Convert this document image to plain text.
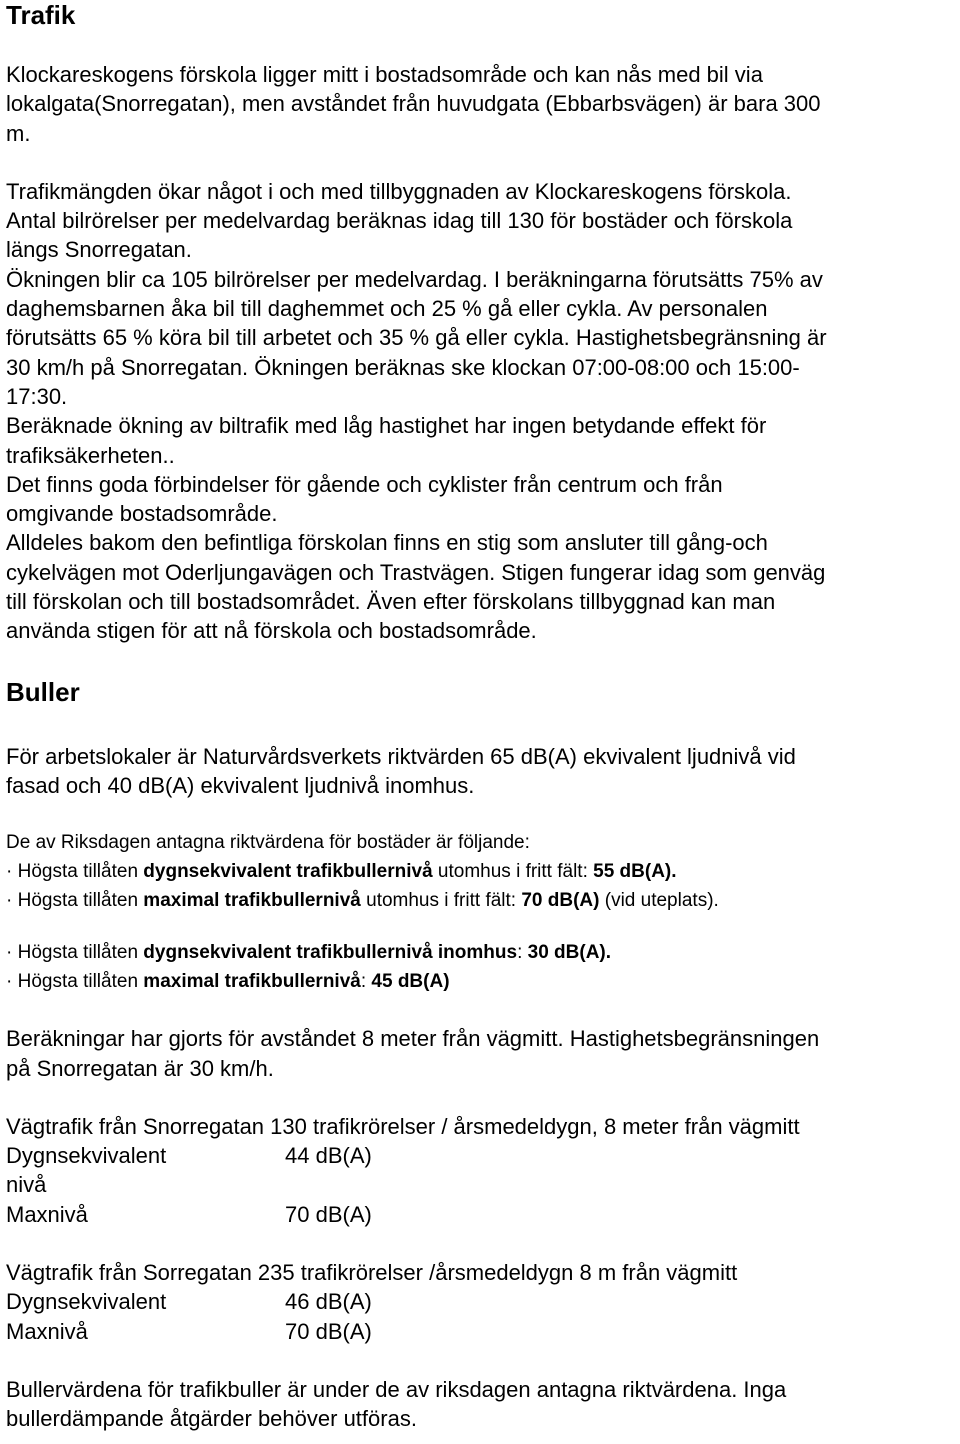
Trafik
Klockareskogens förskola ligger mitt i bostadsområde och kan nås med bil via
lokalgata(Snorregatan), men avståndet från huvudgata (Ebbarbsvägen) är bara 300
m.
Trafikmängden ökar något i och med tillbyggnaden av Klockareskogens förskola.
Antal bilrörelser per medelvardag beräknas idag till 130 för bostäder och förskola
längs Snorregatan.
Ökningen blir ca 105 bilrörelser per medelvardag. I beräkningarna förutsätts 75% av
daghemsbarnen åka bil till daghemmet och 25 % gå eller cykla. Av personalen
förutsätts 65 % köra bil till arbetet och 35 % gå eller cykla. Hastighetsbegränsning är
30 km/h på Snorregatan. Ökningen beräknas ske klockan 07:00-08:00 och 15:00-
17:30.
Beräknade ökning av biltrafik med låg hastighet har ingen betydande effekt för
trafiksäkerheten..
Det finns goda förbindelser för gående och cyklister från centrum och från
omgivande bostadsområde.
Alldeles bakom den befintliga förskolan finns en stig som ansluter till gång-och
cykelvägen mot Oderljungavägen och Trastvägen. Stigen fungerar idag som genväg
till förskolan och till bostadsområdet. Även efter förskolans tillbyggnad kan man
använda stigen för att nå förskola och bostadsområde.
Buller
För arbetslokaler är Naturvårdsverkets riktvärden 65 dB(A) ekvivalent ljudnivå vid
fasad och 40 dB(A) ekvivalent ljudnivå inomhus.
De av Riksdagen antagna riktvärdena för bostäder är följande:
· Högsta tillåten dygnsekvivalent trafikbullernivå utomhus i fritt fält: 55 dB(A).
· Högsta tillåten maximal trafikbullernivå utomhus i fritt fält: 70 dB(A) (vid uteplats).
· Högsta tillåten dygnsekvivalent trafikbullernivå inomhus: 30 dB(A).
· Högsta tillåten maximal trafikbullernivå: 45 dB(A)
Beräkningar har gjorts för avståndet 8 meter från vägmitt. Hastighetsbegränsningen
på Snorregatan är 30 km/h.
Vägtrafik från Snorregatan 130 trafikrörelser / årsmedeldygn, 8 meter från vägmitt
Dygnsekvivalent	44 dB(A)
nivå
Maxnivå	70 dB(A)
Vägtrafik från Sorregatan 235 trafikrörelser /årsmedeldygn 8 m från vägmitt
Dygnsekvivalent	46 dB(A)
Maxnivå	70 dB(A)
Bullervärdena för trafikbuller är under de av riksdagen antagna riktvärdena. Inga
bullerdämpande åtgärder behöver utföras.
